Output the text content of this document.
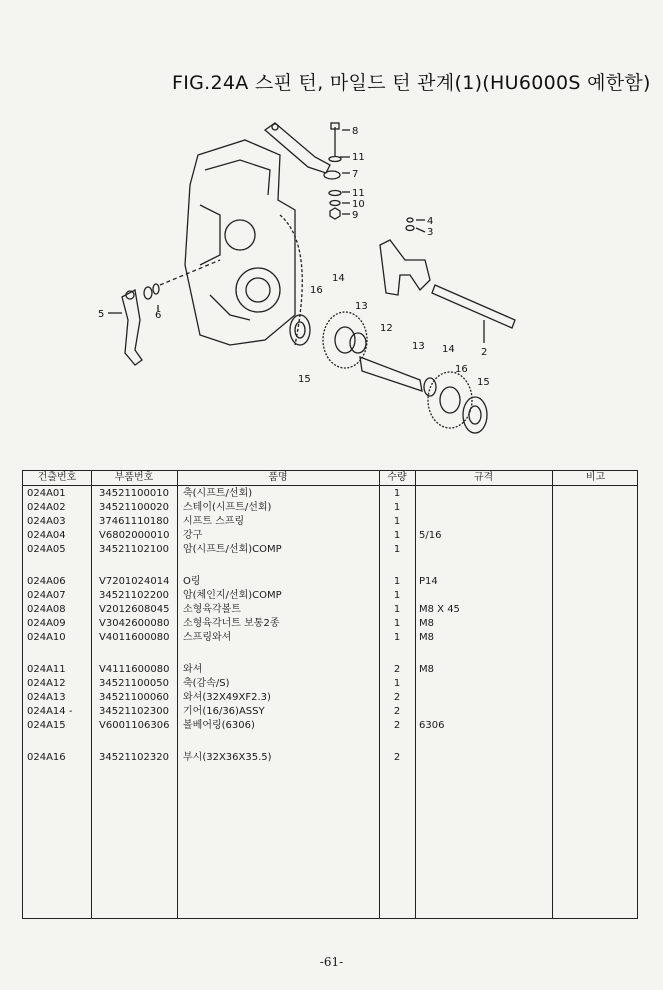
FIG.24A 스핀 턴, 마일드 턴 관계(1)(HU6000S 예한함)
8
11
7
11
10
9
4
3
5	6
16
14
13
12
15
2
13 14
16
15
건출번호	부품번호	품명	수량	규격	비고
024A01	34521100010 축(시프트/선회)	1
024A02	34521100020 스테이(시프트/선회)	1
024A03	37461110180 시프트 스프링	1
024A04	V6802000010 강구	1	5/16
024A05	34521102100 암(시프트/선회)COMP	1
024A06	V7201024014 O링	1	P14
024A07	34521102200 암(체인지/선회)COMP	1
024A08	V2012608045 소형육각볼트	1	M8 X 45
024A09	V3042600080 소형육각너트 보통2종	1	M8
024A10	V4011600080 스프링와셔	1	M8
024A11	V4111600080 와셔	2	M8
024A12	34521100050 축(감속/S)	1
024A13	34521100060 와셔(32X49XF2.3)	2
024A14 -	34521102300 기어(16/36)ASSY	2
024A15	V6001106306 볼베어링(6306)	2	6306
024A16	34521102320 부시(32X36X35.5)	2
-61-
